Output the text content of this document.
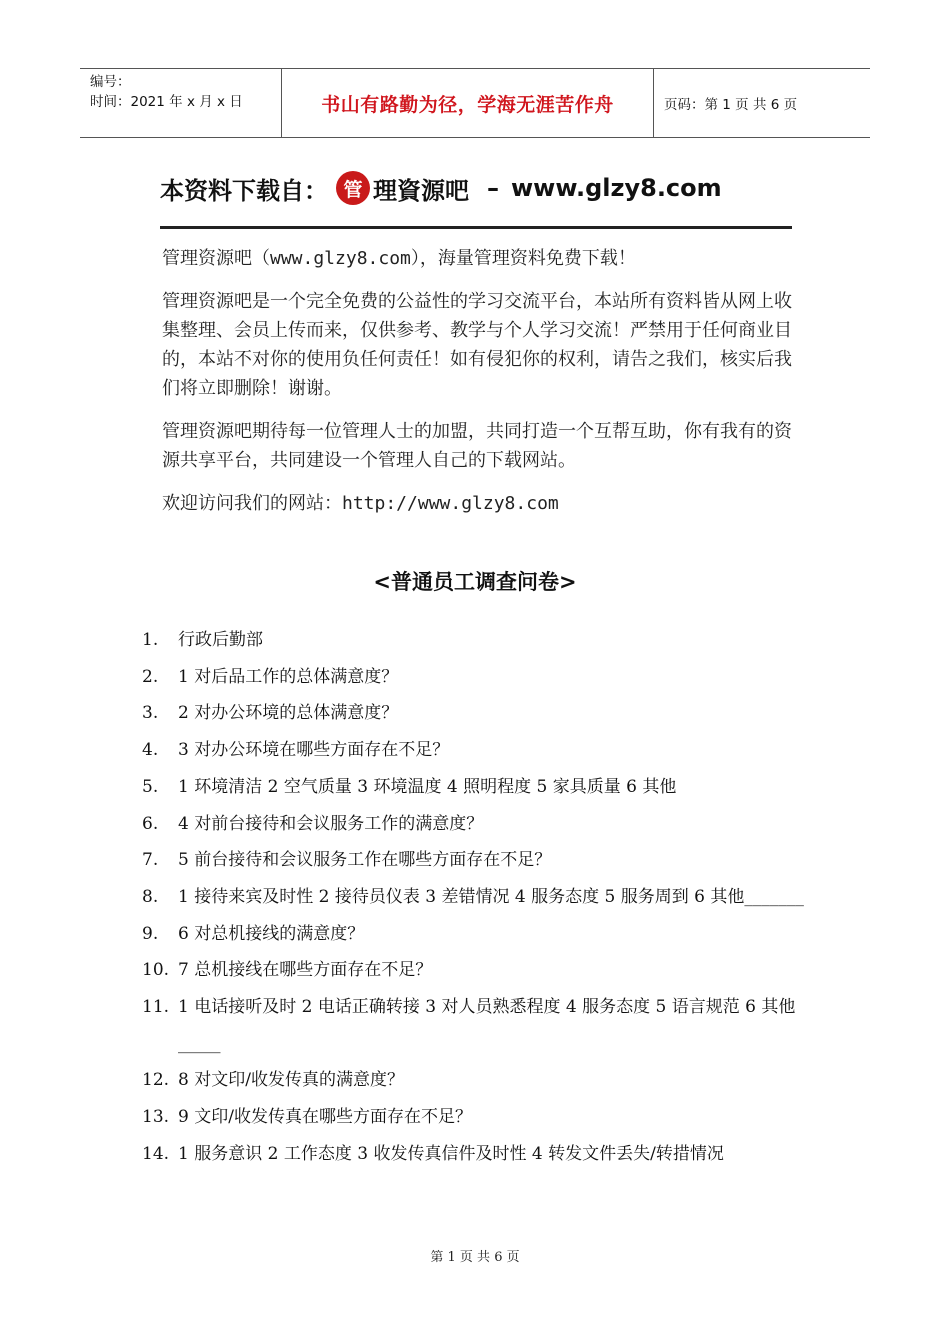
编号：
时间：2021 年 x 月 x 日	书山有路勤为径，学海无涯苦作舟	页码：第 1 页 共 6 页
本资料下载自： 管 理資源吧 – www.glzy8.com

管理资源吧（www.glzy8.com），海量管理资料免费下载！

管理资源吧是一个完全免费的公益性的学习交流平台，本站所有资料皆从网上收集整理、会员上传而来，仅供参考、教学与个人学习交流！严禁用于任何商业目的，本站不对你的使用负任何责任！如有侵犯你的权利，请告之我们，核实后我们将立即删除！谢谢。

管理资源吧期待每一位管理人士的加盟，共同打造一个互帮互助，你有我有的资源共享平台，共同建设一个管理人自己的下载网站。

欢迎访问我们的网站：http://www.glzy8.com

<普通员工调查问卷>
1.	行政后勤部
2.	1 对后品工作的总体满意度？
3.	2 对办公环境的总体满意度？
4.	3 对办公环境在哪些方面存在不足？
5.	1 环境清洁 2 空气质量 3 环境温度 4 照明程度 5 家具质量 6 其他
6.	4 对前台接待和会议服务工作的满意度？
7.	5 前台接待和会议服务工作在哪些方面存在不足？
8.	1 接待来宾及时性 2 接待员仪表 3 差错情况 4 服务态度 5 服务周到 6 其他_______
9.	6 对总机接线的满意度？
10. 7 总机接线在哪些方面存在不足？
11. 1 电话接听及时 2 电话正确转接 3 对人员熟悉程度 4 服务态度 5 语言规范 6 其他_____
12. 8 对文印/收发传真的满意度？
13. 9 文印/收发传真在哪些方面存在不足？
14. 1 服务意识 2 工作态度 3 收发传真信件及时性 4 转发文件丢失/转措情况
第 1 页 共 6 页
